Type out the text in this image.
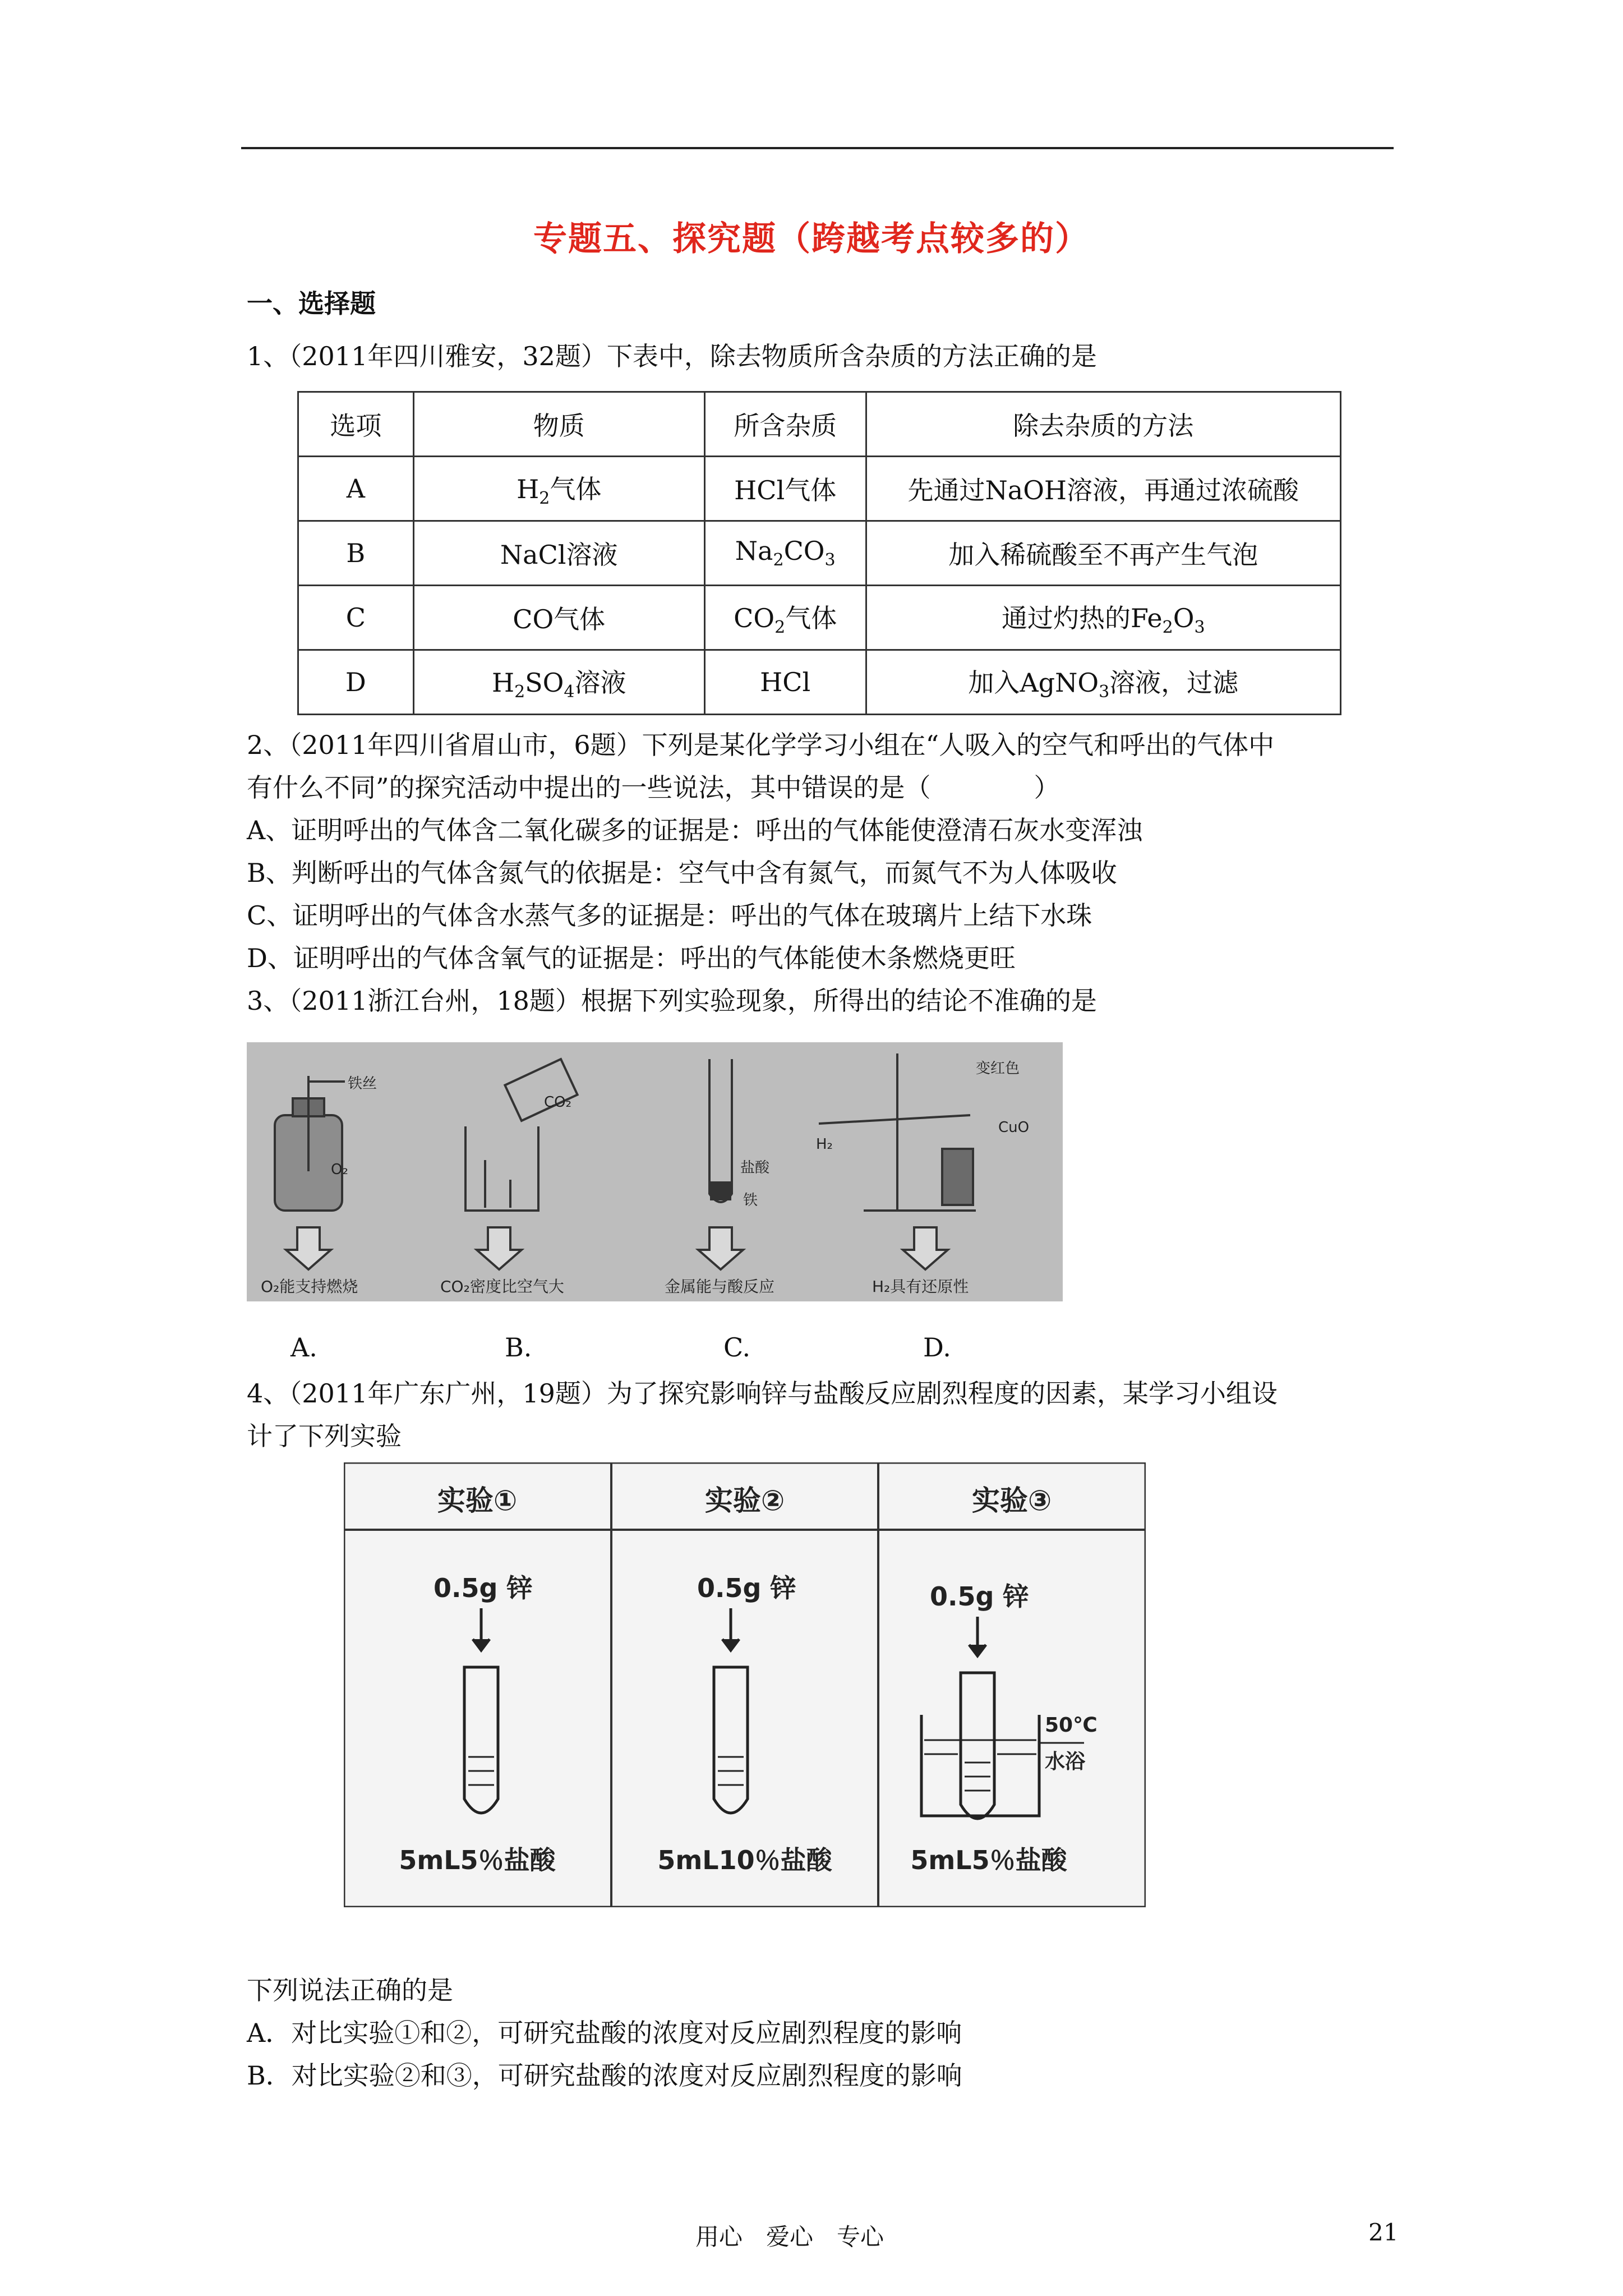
专题五、探究题（跨越考点较多的）
一、选择题
1、（2011年四川雅安，32题）下表中，除去物质所含杂质的方法正确的是
选项	物质	所含杂质	除去杂质的方法
A	$H_2$气体	HCl气体	先通过NaOH溶液，再通过浓硫酸
B	NaCl溶液	$Na_2CO_3$	加入稀硫酸至不再产生气泡
C	CO气体	$CO_2$气体	通过灼热的$Fe_2O_3$
D	$H_2SO_4$溶液	HCl	加入AgNO$_3$溶液，过滤
2、（2011年四川省眉山市，6题）下列是某化学学习小组在“人吸入的空气和呼出的气体中
有什么不同”的探究活动中提出的一些说法，其中错误的是（　　　　）
A、证明呼出的气体含二氧化碳多的证据是：呼出的气体能使澄清石灰水变浑浊
B、判断呼出的气体含氮气的依据是：空气中含有氮气，而氮气不为人体吸收
C、证明呼出的气体含水蒸气多的证据是：呼出的气体在玻璃片上结下水珠
D、证明呼出的气体含氧气的证据是：呼出的气体能使木条燃烧更旺
3、（2011浙江台州，18题）根据下列实验现象，所得出的结论不准确的是
铁丝
O₂
CO₂
盐酸
铁
变红色
CuO
H₂
O₂能支持燃烧	CO₂密度比空气大	金属能与酸反应	H₂具有还原性
A.	B.	C.	D.
4、（2011年广东广州，19题）为了探究影响锌与盐酸反应剧烈程度的因素，某学习小组设
计了下列实验
实验①	实验②	实验③
0.5g 锌	0.5g 锌	0.5g 锌
50℃
水浴
5mL5％盐酸	5mL10％盐酸	5mL5％盐酸
下列说法正确的是
A．对比实验①和②，可研究盐酸的浓度对反应剧烈程度的影响
B．对比实验②和③，可研究盐酸的浓度对反应剧烈程度的影响
用心　爱心　专心	21
